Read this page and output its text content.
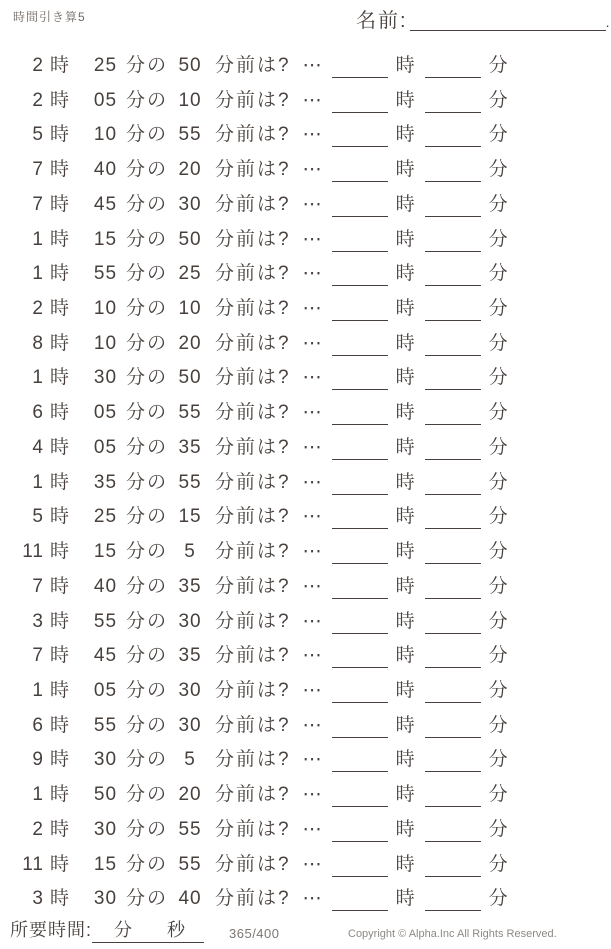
時間引き算5	名前:	.
2 時 25 分の 50 分前は? ⋯	時	分
2 時 05 分の 10 分前は? ⋯	時	分
5 時 10 分の 55 分前は? ⋯	時	分
7 時 40 分の 20 分前は? ⋯	時	分
7 時 45 分の 30 分前は? ⋯	時	分
1 時 15 分の 50 分前は? ⋯	時	分
1 時 55 分の 25 分前は? ⋯	時	分
2 時 10 分の 10 分前は? ⋯	時	分
8 時 10 分の 20 分前は? ⋯	時	分
1 時 30 分の 50 分前は? ⋯	時	分
6 時 05 分の 55 分前は? ⋯	時	分
4 時 05 分の 35 分前は? ⋯	時	分
1 時 35 分の 55 分前は? ⋯	時	分
5 時 25 分の 15 分前は? ⋯	時	分
11 時 15 分の 5 分前は? ⋯	時	分
7 時 40 分の 35 分前は? ⋯	時	分
3 時 55 分の 30 分前は? ⋯	時	分
7 時 45 分の 35 分前は? ⋯	時	分
1 時 05 分の 30 分前は? ⋯	時	分
6 時 55 分の 30 分前は? ⋯	時	分
9 時 30 分の 5 分前は? ⋯	時	分
1 時 50 分の 20 分前は? ⋯	時	分
2 時 30 分の 55 分前は? ⋯	時	分
11 時 15 分の 55 分前は? ⋯	時	分
3 時 30 分の 40 分前は? ⋯	時	分
所要時間: 分 秒	365/400	Copyright © Alpha.Inc All Rights Reserved.
